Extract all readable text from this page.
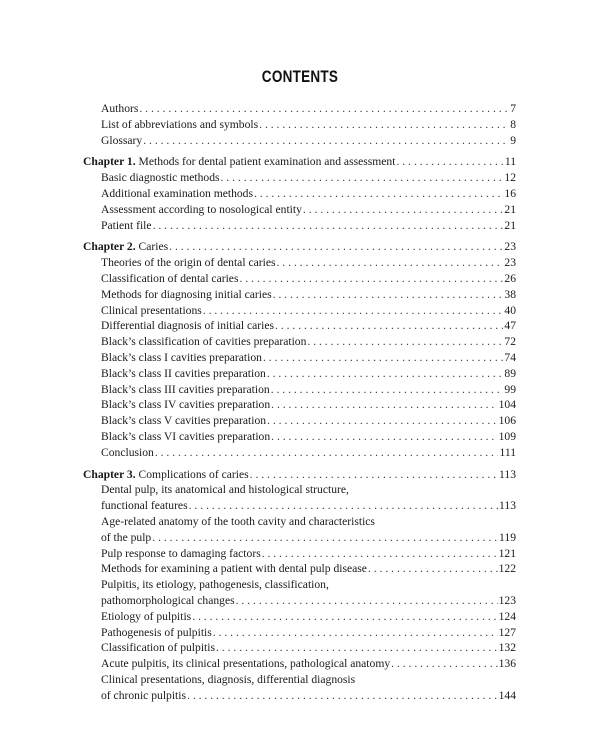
CONTENTS
Authors . . .	7
List of abbreviations and symbols . . .	8
Glossary . . .	9
Chapter 1. Methods for dental patient examination and assessment . . .	11
Basic diagnostic methods . . .	12
Additional examination methods . . .	16
Assessment according to nosological entity . . .	21
Patient file . . .	21
Chapter 2. Caries . . .	23
Theories of the origin of dental caries . . .	23
Classification of dental caries . . .	26
Methods for diagnosing initial caries . . .	38
Clinical presentations . . .	40
Differential diagnosis of initial caries . . .	47
Black’s classification of cavities preparation . . .	72
Black’s class I cavities preparation . . .	74
Black’s class II cavities preparation . . .	89
Black’s class III cavities preparation . . .	99
Black’s class IV cavities preparation . . .	104
Black’s class V cavities preparation . . .	106
Black’s class VI cavities preparation . . .	109
Conclusion . . .	111
Chapter 3. Complications of caries . . .	113
Dental pulp, its anatomical and histological structure,
functional features . . .	113
Age-related anatomy of the tooth cavity and characteristics
of the pulp . . .	119
Pulp response to damaging factors . . .	121
Methods for examining a patient with dental pulp disease . . .	122
Pulpitis, its etiology, pathogenesis, classification,
pathomorphological changes . . .	123
Etiology of pulpitis . . .	124
Pathogenesis of pulpitis . . .	127
Classification of pulpitis . . .	132
Acute pulpitis, its clinical presentations, pathological anatomy . . .	136
Clinical presentations, diagnosis, differential diagnosis
of chronic pulpitis . . .	144
